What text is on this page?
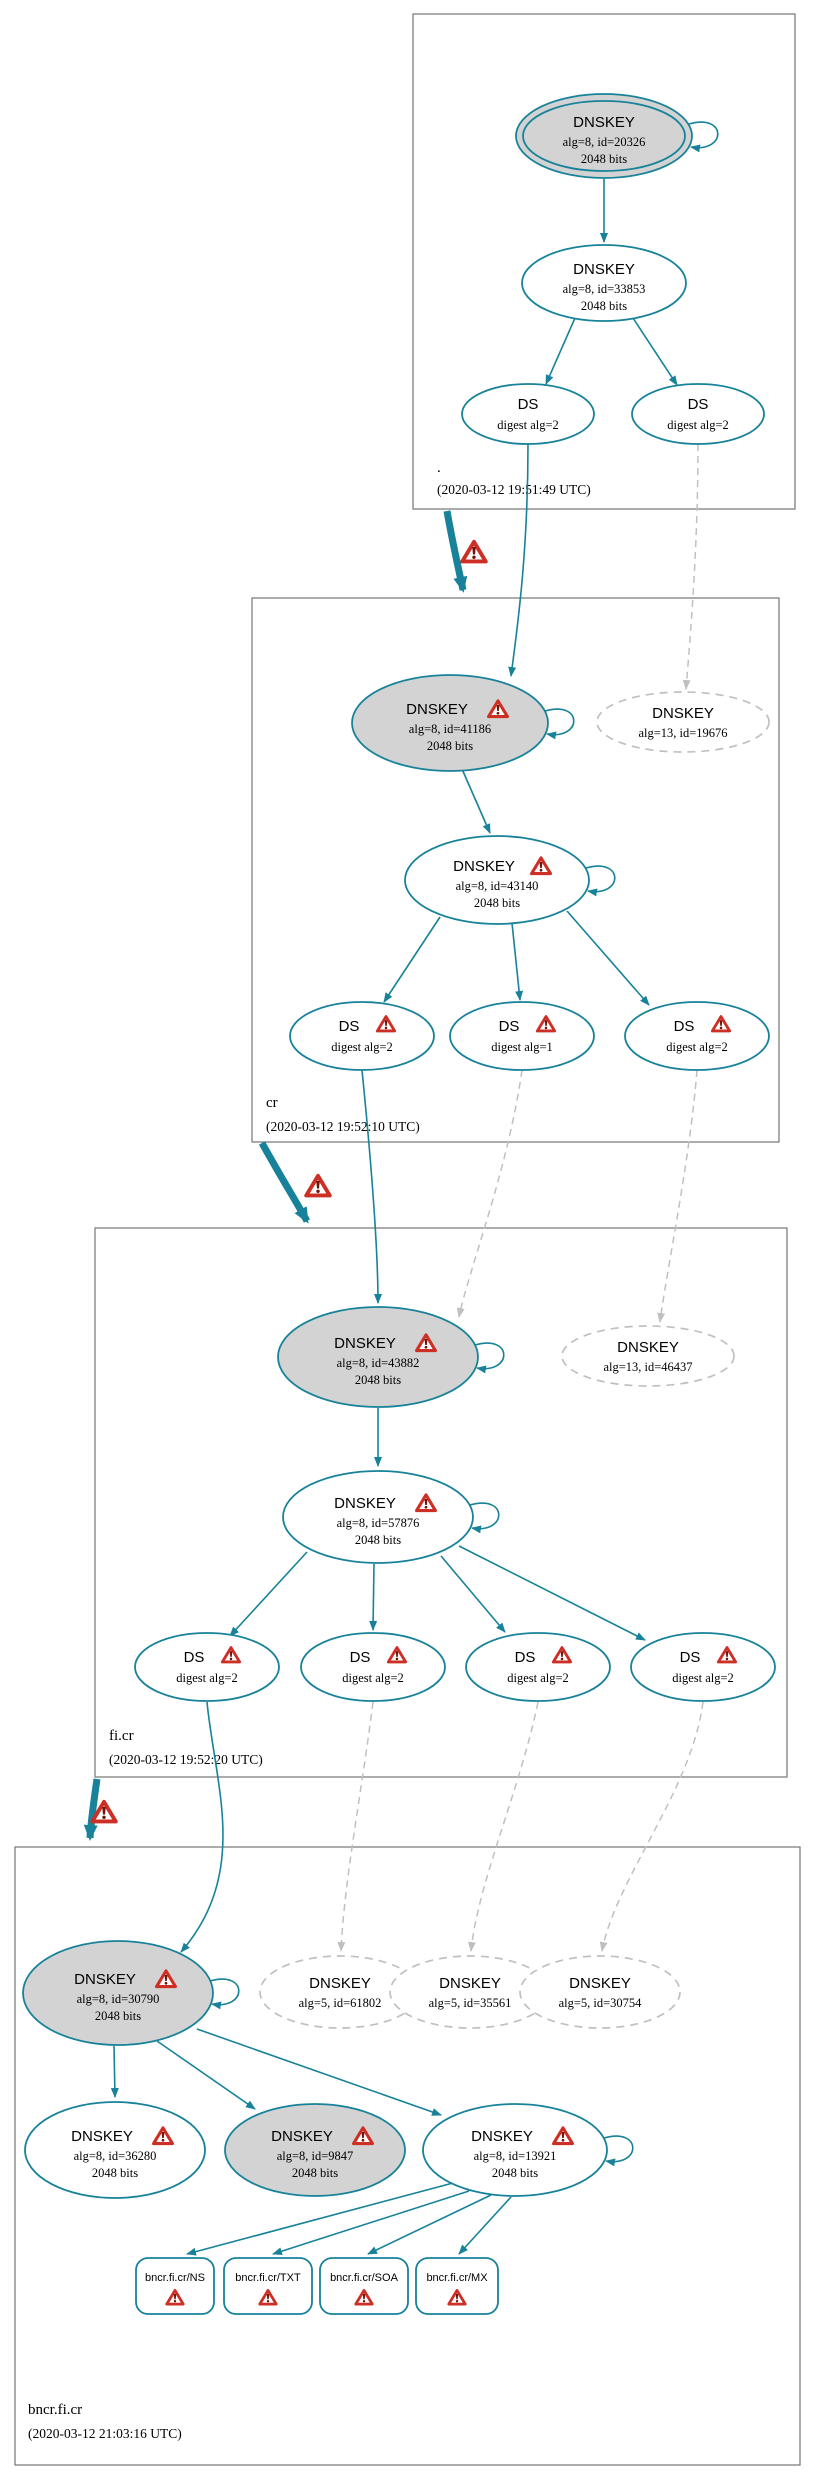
.
(2020-03-12 19:51:49 UTC)
cr
(2020-03-12 19:52:10 UTC)
fi.cr
(2020-03-12 19:52:20 UTC)
bncr.fi.cr
(2020-03-12 21:03:16 UTC)
DNSKEY
alg=8, id=20326
2048 bits
DNSKEY
alg=8, id=33853
2048 bits
DS
digest alg=2
DS
digest alg=2
DNSKEY
alg=8, id=41186
2048 bits
DNSKEY
alg=13, id=19676
DNSKEY
alg=8, id=43140
2048 bits
DS
digest alg=2
DS
digest alg=1
DS
digest alg=2
DNSKEY
alg=8, id=43882
2048 bits
DNSKEY
alg=13, id=46437
DNSKEY
alg=8, id=57876
2048 bits
DS
digest alg=2
DS
digest alg=2
DS
digest alg=2
DS
digest alg=2
DNSKEY
alg=8, id=30790
2048 bits
DNSKEY
alg=5, id=61802
DNSKEY
alg=5, id=35561
DNSKEY
alg=5, id=30754
DNSKEY
alg=8, id=36280
2048 bits
DNSKEY
alg=8, id=9847
2048 bits
DNSKEY
alg=8, id=13921
2048 bits
bncr.fi.cr/NS	bncr.fi.cr/TXT	bncr.fi.cr/SOA	bncr.fi.cr/MX
